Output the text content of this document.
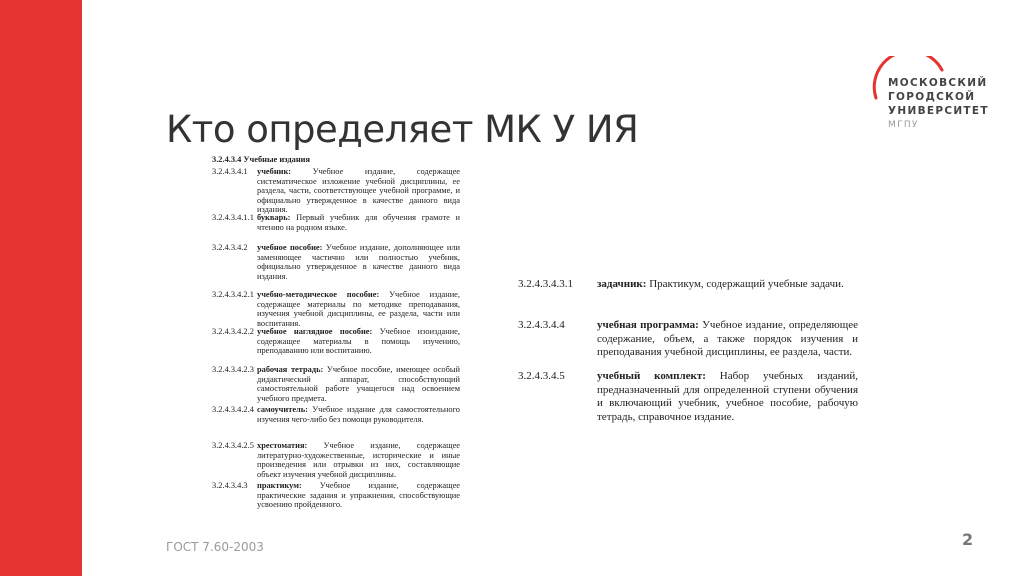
Кто определяет МК У ИЯ
МОСКОВСКИЙ
ГОРОДСКОЙ
УНИВЕРСИТЕТ
МГПУ
3.2.4.3.4 Учебные издания
3.2.4.3.4.1 учебник: Учебное издание, содержащее систематическое изложение учебной дисциплины, ее раздела, части, соответствующее учебной программе, и официально утвержденное в качестве данного вида издания.
3.2.4.3.4.1.1 букварь: Первый учебник для обучения грамоте и чтению на родном языке.
3.2.4.3.4.2 учебное пособие: Учебное издание, дополняющее или заменяющее частично или полностью учебник, официально утвержденное в качестве данного вида издания.
3.2.4.3.4.2.1 учебно-методическое пособие: Учебное издание, содержащее материалы по методике преподавания, изучения учебной дисциплины, ее раздела, части или воспитания.
3.2.4.3.4.2.2 учебное наглядное пособие: Учебное изоиздание, содержащее материалы в помощь изучению, преподаванию или воспитанию.
3.2.4.3.4.2.3 рабочая тетрадь: Учебное пособие, имеющее особый дидактический аппарат, способствующий самостоятельной работе учащегося над освоением учебного предмета.
3.2.4.3.4.2.4 самоучитель: Учебное издание для самостоятельного изучения чего-либо без помощи руководителя.
3.2.4.3.4.2.5 хрестоматия: Учебное издание, содержащее литературно-художественные, исторические и иные произведения или отрывки из них, составляющие объект изучения учебной дисциплины.
3.2.4.3.4.3 практикум: Учебное издание, содержащее практические задания и упражнения, способствующие усвоению пройденного.
3.2.4.3.4.3.1 задачник: Практикум, содержащий учебные задачи.
3.2.4.3.4.4	учебная программа: Учебное издание, определяющее содержание, объем, а также порядок изучения и преподавания учебной дисциплины, ее раздела, части.
3.2.4.3.4.5	учебный комплект: Набор учебных изданий, предназначенный для определенной ступени обучения и включающий учебник, учебное пособие, рабочую тетрадь, справочное издание.
ГОСТ 7.60-2003	2
